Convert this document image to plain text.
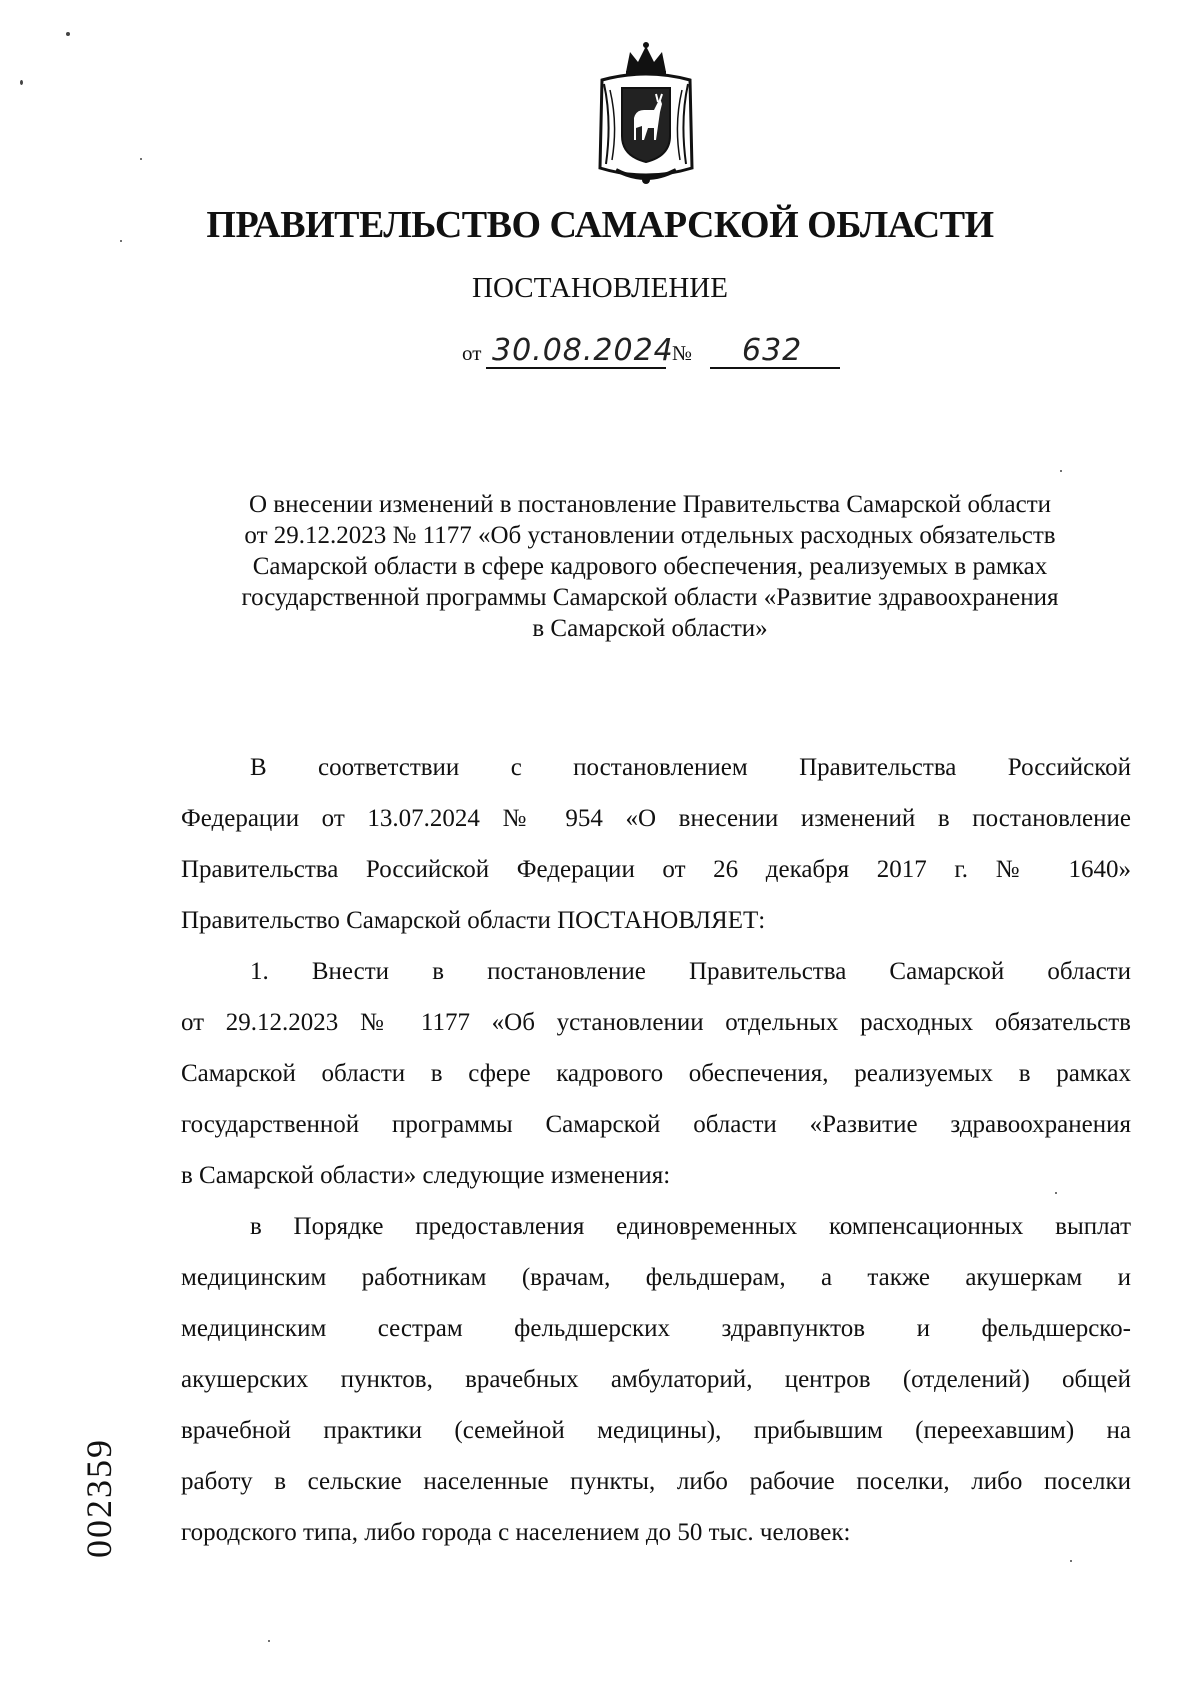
ПРАВИТЕЛЬСТВО САМАРСКОЙ ОБЛАСТИ
ПОСТАНОВЛЕНИЕ
от 30.08.2024
№ 632
О внесении изменений в постановление Правительства Самарской области
от 29.12.2023 № 1177 «Об установлении отдельных расходных обязательств
Самарской области в сфере кадрового обеспечения, реализуемых в рамках
государственной программы Самарской области «Развитие здравоохранения
в Самарской области»
В соответствии с постановлением Правительства Российской
Федерации от 13.07.2024 № 954 «О внесении изменений в постановление
Правительства Российской Федерации от 26 декабря 2017 г. № 1640»
Правительство Самарской области ПОСТАНОВЛЯЕТ:
1. Внести в постановление Правительства Самарской области
от 29.12.2023 № 1177 «Об установлении отдельных расходных обязательств
Самарской области в сфере кадрового обеспечения, реализуемых в рамках
государственной программы Самарской области «Развитие здравоохранения
в Самарской области» следующие изменения:
в Порядке предоставления единовременных компенсационных выплат
медицинским работникам (врачам, фельдшерам, а также акушеркам и
медицинским сестрам фельдшерских здравпунктов и фельдшерско-
акушерских пунктов, врачебных амбулаторий, центров (отделений) общей
врачебной практики (семейной медицины), прибывшим (переехавшим) на
работу в сельские населенные пункты, либо рабочие поселки, либо поселки
городского типа, либо города с населением до 50 тыс. человек:
002359
